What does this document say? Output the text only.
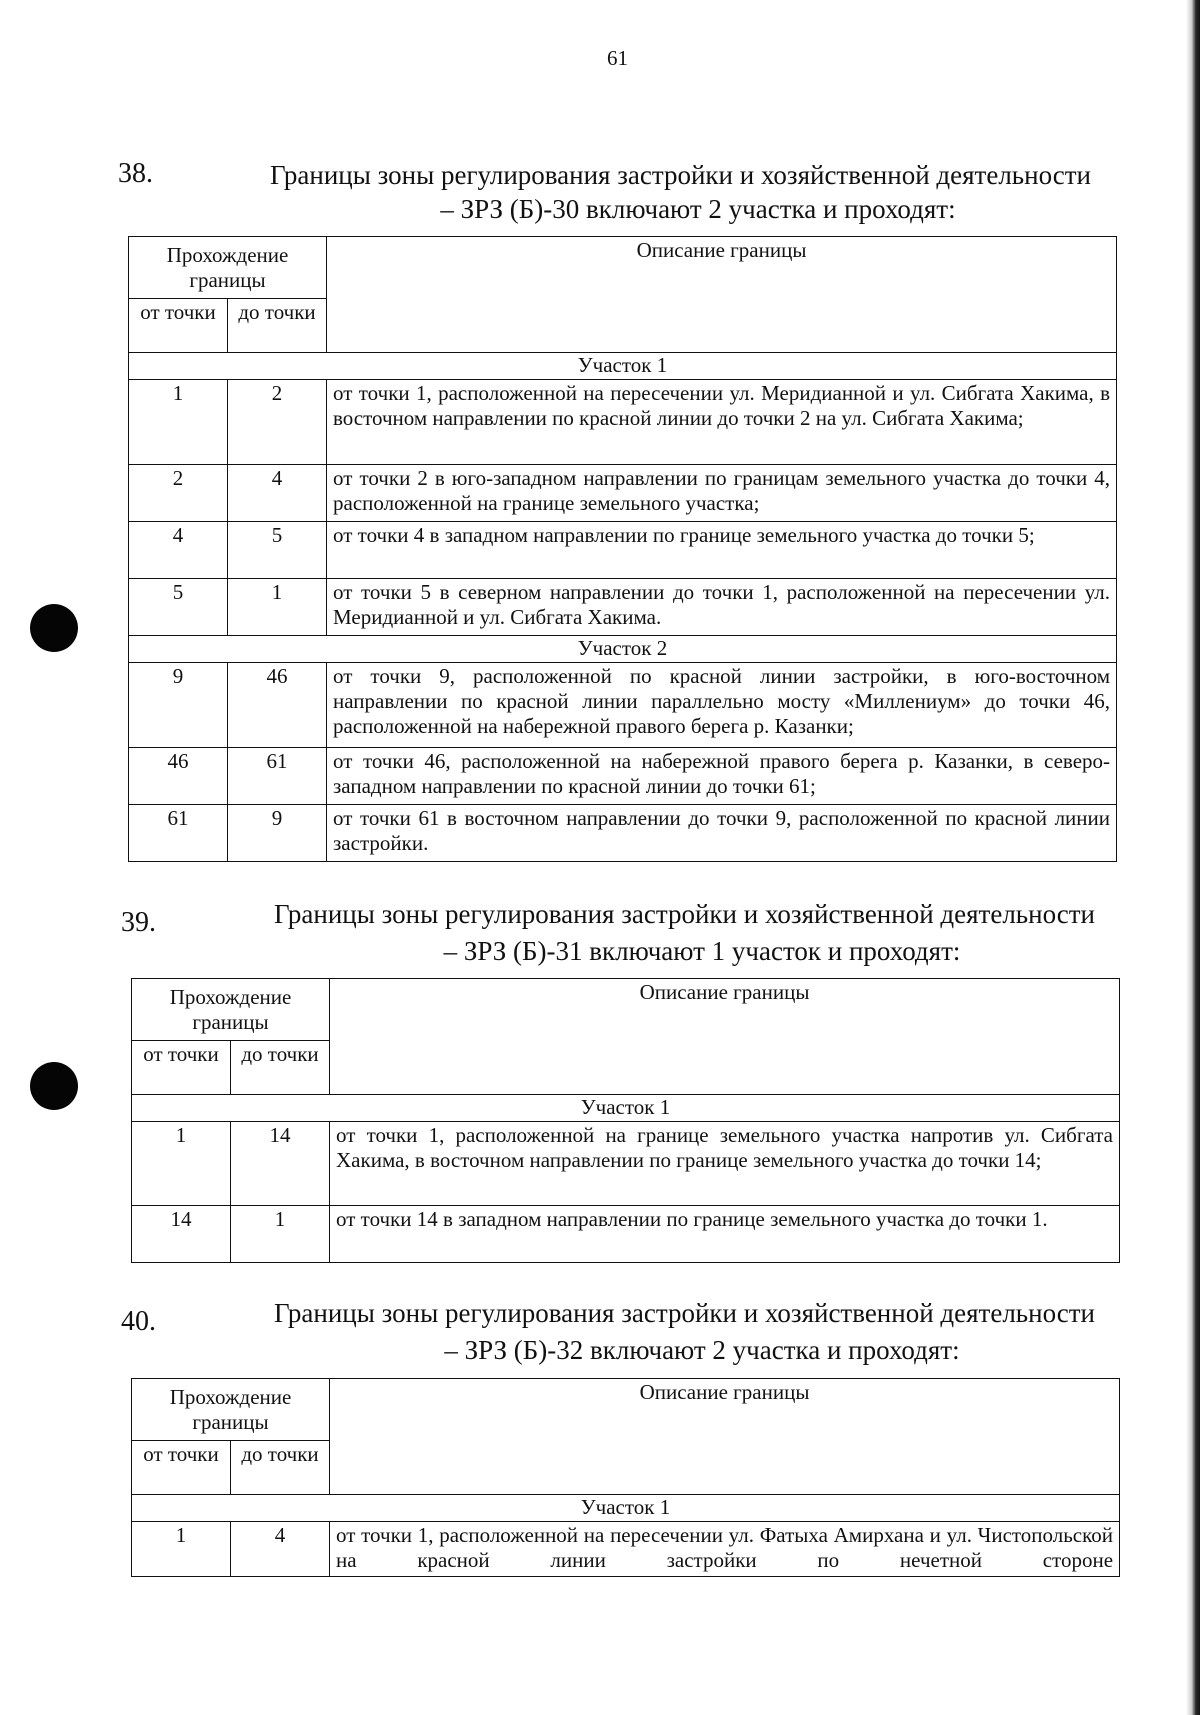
61
38.	Границы зоны регулирования застройки и хозяйственной деятельности
– ЗРЗ (Б)-30 включают 2 участка и проходят:
Прохождение границы		Описание границы
от точки	до точки	
Участок 1		
1	2	от точки 1, расположенной на пересечении ул. Меридианной и ул. Сибгата Хакима, в восточном направлении по красной линии до точки 2 на ул. Сибгата Хакима;
2	4	от точки 2 в юго-западном направлении по границам земельного участка до точки 4, расположенной на границе земельного участка;
4	5	от точки 4 в западном направлении по границе земельного участка до точки 5;
5	1	от точки 5 в северном направлении до точки 1, расположенной на пересечении ул. Меридианной и ул. Сибгата Хакима.
Участок 2		
9	46	от точки 9, расположенной по красной линии застройки, в юго-восточном направлении по красной линии параллельно мосту «Миллениум» до точки 46, расположенной на набережной правого берега р. Казанки;
46	61	от точки 46, расположенной на набережной правого берега р. Казанки, в северо-западном направлении по красной линии до точки 61;
61	9	от точки 61 в восточном направлении до точки 9, расположенной по красной линии застройки.
39.	Границы зоны регулирования застройки и хозяйственной деятельности
– ЗРЗ (Б)-31 включают 1 участок и проходят:
Прохождение границы		Описание границы
от точки	до точки	
Участок 1		
1	14	от точки 1, расположенной на границе земельного участка напротив ул. Сибгата Хакима, в восточном направлении по границе земельного участка до точки 14;
14	1	от точки 14 в западном направлении по границе земельного участка до точки 1.
40.	Границы зоны регулирования застройки и хозяйственной деятельности
– ЗРЗ (Б)-32 включают 2 участка и проходят:
Прохождение границы		Описание границы
от точки	до точки	
Участок 1		
1	4	от точки 1, расположенной на пересечении ул. Фатыха Амирхана и ул. Чистопольской на красной линии застройки по нечетной стороне
